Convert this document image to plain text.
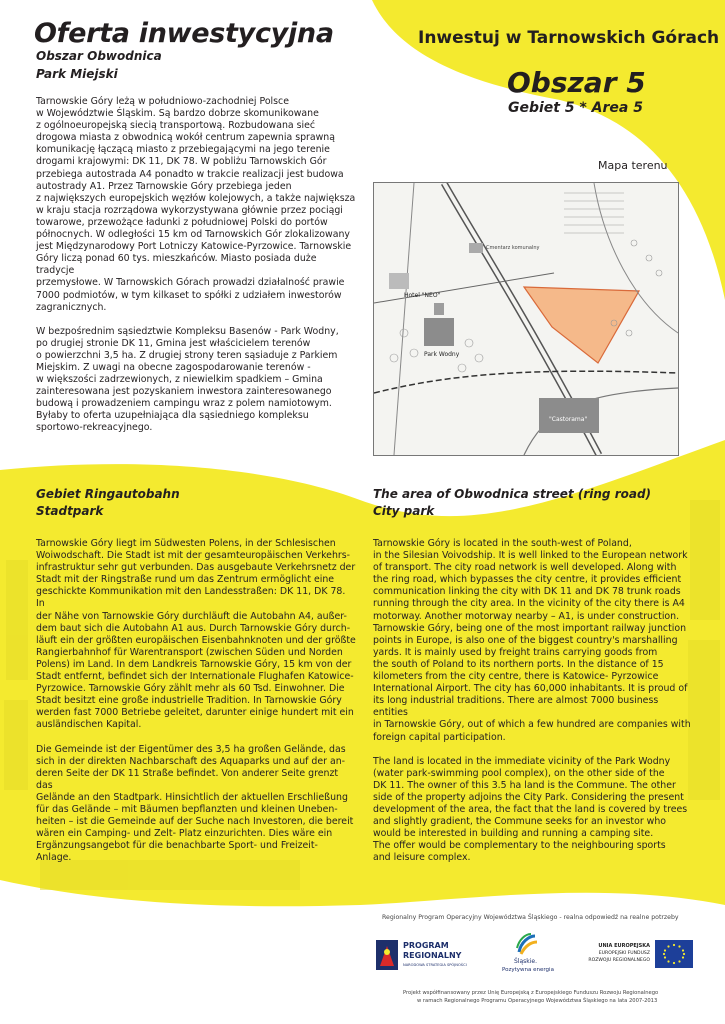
Oferta inwestycyjna
Obszar Obwodnica
Park Miejski
Inwestuj w Tarnowskich Górach
Obszar 5
Gebiet 5 * Area 5

Tarnowskie Góry leżą w południowo-zachodniej Polsce
w Województwie Śląskim. Są bardzo dobrze skomunikowane
z ogólnoeuropejską siecią transportową. Rozbudowana sieć
drogowa miasta z obwodnicą wokół centrum zapewnia sprawną
komunikację łączącą miasto z przebiegającymi na jego terenie
drogami krajowymi: DK 11, DK 78. W pobliżu Tarnowskich Gór
przebiega autostrada A4 ponadto w trakcie realizacji jest budowa
autostrady A1. Przez Tarnowskie Góry przebiega jeden
z największych europejskich węzłów kolejowych, a także największa
w kraju stacja rozrządowa wykorzystywana głównie przez pociągi
towarowe, przewożące ładunki z południowej Polski do portów
północnych. W odległości 15 km od Tarnowskich Gór zlokalizowany
jest Międzynarodowy Port Lotniczy Katowice-Pyrzowice. Tarnowskie
Góry liczą ponad 60 tys. mieszkańców. Miasto posiada duże tradycje
przemysłowe. W Tarnowskich Górach prowadzi działalność prawie
7000 podmiotów, w tym kilkaset to spółki z udziałem inwestorów
zagranicznych.

W bezpośrednim sąsiedztwie Kompleksu Basenów - Park Wodny,
po drugiej stronie DK 11, Gmina jest właścicielem terenów
o powierzchni 3,5 ha. Z drugiej strony teren sąsiaduje z Parkiem
Miejskim. Z uwagi na obecne zagospodarowanie terenów -
w większości zadrzewionych, z niewielkim spadkiem – Gmina
zainteresowana jest pozyskaniem inwestora zainteresowanego
budową i prowadzeniem campingu wraz z polem namiotowym.
Byłaby to oferta uzupełniająca dla sąsiedniego kompleksu
sportowo-rekreacyjnego.

Mapa terenu
Hotel "NEO"
Park Wodny
"Castorama"
Cmentarz komunalny
Gebiet Ringautobahn
Stadtpark

Tarnowskie Góry liegt im Südwesten Polens, in der Schlesischen
Woiwodschaft. Die Stadt ist mit der gesamteuropäischen Verkehrs-
infrastruktur sehr gut verbunden. Das ausgebaute Verkehrsnetz der
Stadt mit der Ringstraße rund um das Zentrum ermöglicht eine
geschickte Kommunikation mit den Landesstraßen: DK 11, DK 78. In
der Nähe von Tarnowskie Góry durchläuft die Autobahn A4, außer-
dem baut sich die Autobahn A1 aus. Durch Tarnowskie Góry durch-
läuft ein der größten europäischen Eisenbahnknoten und der größte
Rangierbahnhof für Warentransport (zwischen Süden und Norden
Polens) im Land. In dem Landkreis Tarnowskie Góry, 15 km von der
Stadt entfernt, befindet sich der Internationale Flughafen Katowice-
Pyrzowice. Tarnowskie Góry zählt mehr als 60 Tsd. Einwohner. Die
Stadt besitzt eine große industrielle Tradition. In Tarnowskie Góry
werden fast 7000 Betriebe geleitet, darunter einige hundert mit ein
ausländischen Kapital.

Die Gemeinde ist der Eigentümer des 3,5 ha großen Gelände, das
sich in der direkten Nachbarschaft des Aquaparks und auf der an-
deren Seite der DK 11 Straße befindet. Von anderer Seite grenzt das
Gelände an den Stadtpark. Hinsichtlich der aktuellen Erschließung
für das Gelände – mit Bäumen bepflanzten und kleinen Uneben-
heiten – ist die Gemeinde auf der Suche nach Investoren, die bereit
wären ein Camping- und Zelt- Platz einzurichten. Dies wäre ein
Ergänzungsangebot für die benachbarte Sport- und Freizeit- Anlage.

The area of Obwodnica street (ring road)
City park

Tarnowskie Góry is located in the south-west of Poland,
in the Silesian Voivodship. It is well linked to the European network
of transport. The city road network is well developed. Along with
the ring road, which bypasses the city centre, it provides efficient
communication linking the city with DK 11 and DK 78 trunk roads
running through the city area. In the vicinity of the city there is A4
motorway. Another motorway nearby – A1, is under construction.
Tarnowskie Góry, being one of the most important railway junction
points in Europe, is also one of the biggest country's marshalling
yards. It is mainly used by freight trains carrying goods from
the south of Poland to its northern ports. In the distance of 15
kilometers from the city centre, there is Katowice- Pyrzowice
International Airport. The city has 60,000 inhabitants. It is proud of
its long industrial traditions. There are almost 7000 business entities
in Tarnowskie Góry, out of which a few hundred are companies with
foreign capital participation.

The land is located in the immediate vicinity of the Park Wodny
(water park-swimming pool complex), on the other side of the
DK 11. The owner of this 3.5 ha land is the Commune. The other
side of the property adjoins the City Park. Considering the present
development of the area, the fact that the land is covered by trees
and slightly gradient, the Commune seeks for an investor who
would be interested in building and running a camping site.
The offer would be complementary to the neighbouring sports
and leisure complex.

Regionalny Program Operacyjny Województwa Śląskiego - realna odpowiedź na realne potrzeby
PROGRAM
REGIONALNY
NARODOWA STRATEGIA SPÓJNOŚCI	Śląskie.
Pozytywna energia
UNIA EUROPEJSKA
EUROPEJSKI FUNDUSZ
ROZWOJU REGIONALNEGO
Projekt współfinansowany przez Unię Europejską z Europejskiego Funduszu Rozwoju Regionalnego
w ramach Regionalnego Programu Operacyjnego Województwa Śląskiego na lata 2007-2013
